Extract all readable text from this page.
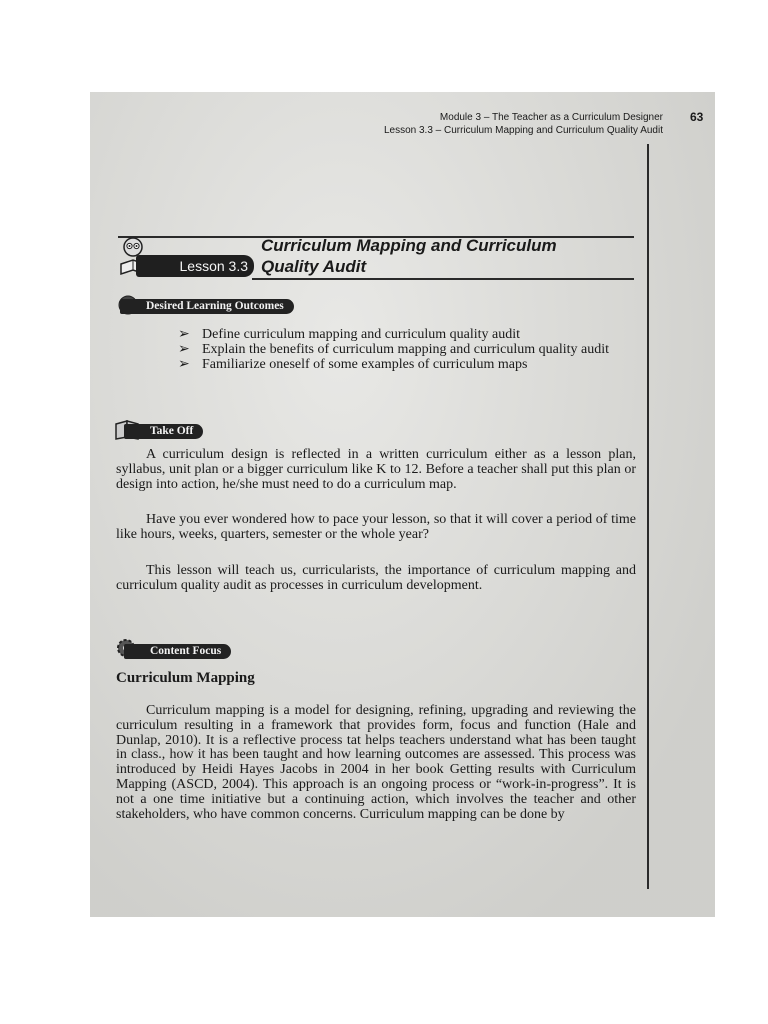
Module 3 – The Teacher as a Curriculum Designer
Lesson 3.3 – Curriculum Mapping and Curriculum Quality Audit
63
Lesson 3.3
Curriculum Mapping and Curriculum
Quality Audit
Desired Learning Outcomes
➢ Define curriculum mapping and curriculum quality audit
➢ Explain the benefits of curriculum mapping and curriculum quality audit
➢ Familiarize oneself of some examples of curriculum maps
Take Off

A curriculum design is reflected in a written curriculum either as a lesson plan, syllabus, unit plan or a bigger curriculum like K to 12. Before a teacher shall put this plan or design into action, he/she must need to do a curriculum map.

Have you ever wondered how to pace your lesson, so that it will cover a period of time like hours, weeks, quarters, semester or the whole year?

This lesson will teach us, curricularists, the importance of curriculum mapping and curriculum quality audit as processes in curriculum development.

Content Focus
Curriculum Mapping

Curriculum mapping is a model for designing, refining, upgrading and reviewing the curriculum resulting in a framework that provides form, focus and function (Hale and Dunlap, 2010). It is a reflective process tat helps teachers understand what has been taught in class., how it has been taught and how learning outcomes are assessed. This process was introduced by Heidi Hayes Jacobs in 2004 in her book Getting results with Curriculum Mapping (ASCD, 2004). This approach is an ongoing process or “work-in-progress”. It is not a one time initiative but a continuing action, which involves the teacher and other stakeholders, who have common concerns. Curriculum mapping can be done by
